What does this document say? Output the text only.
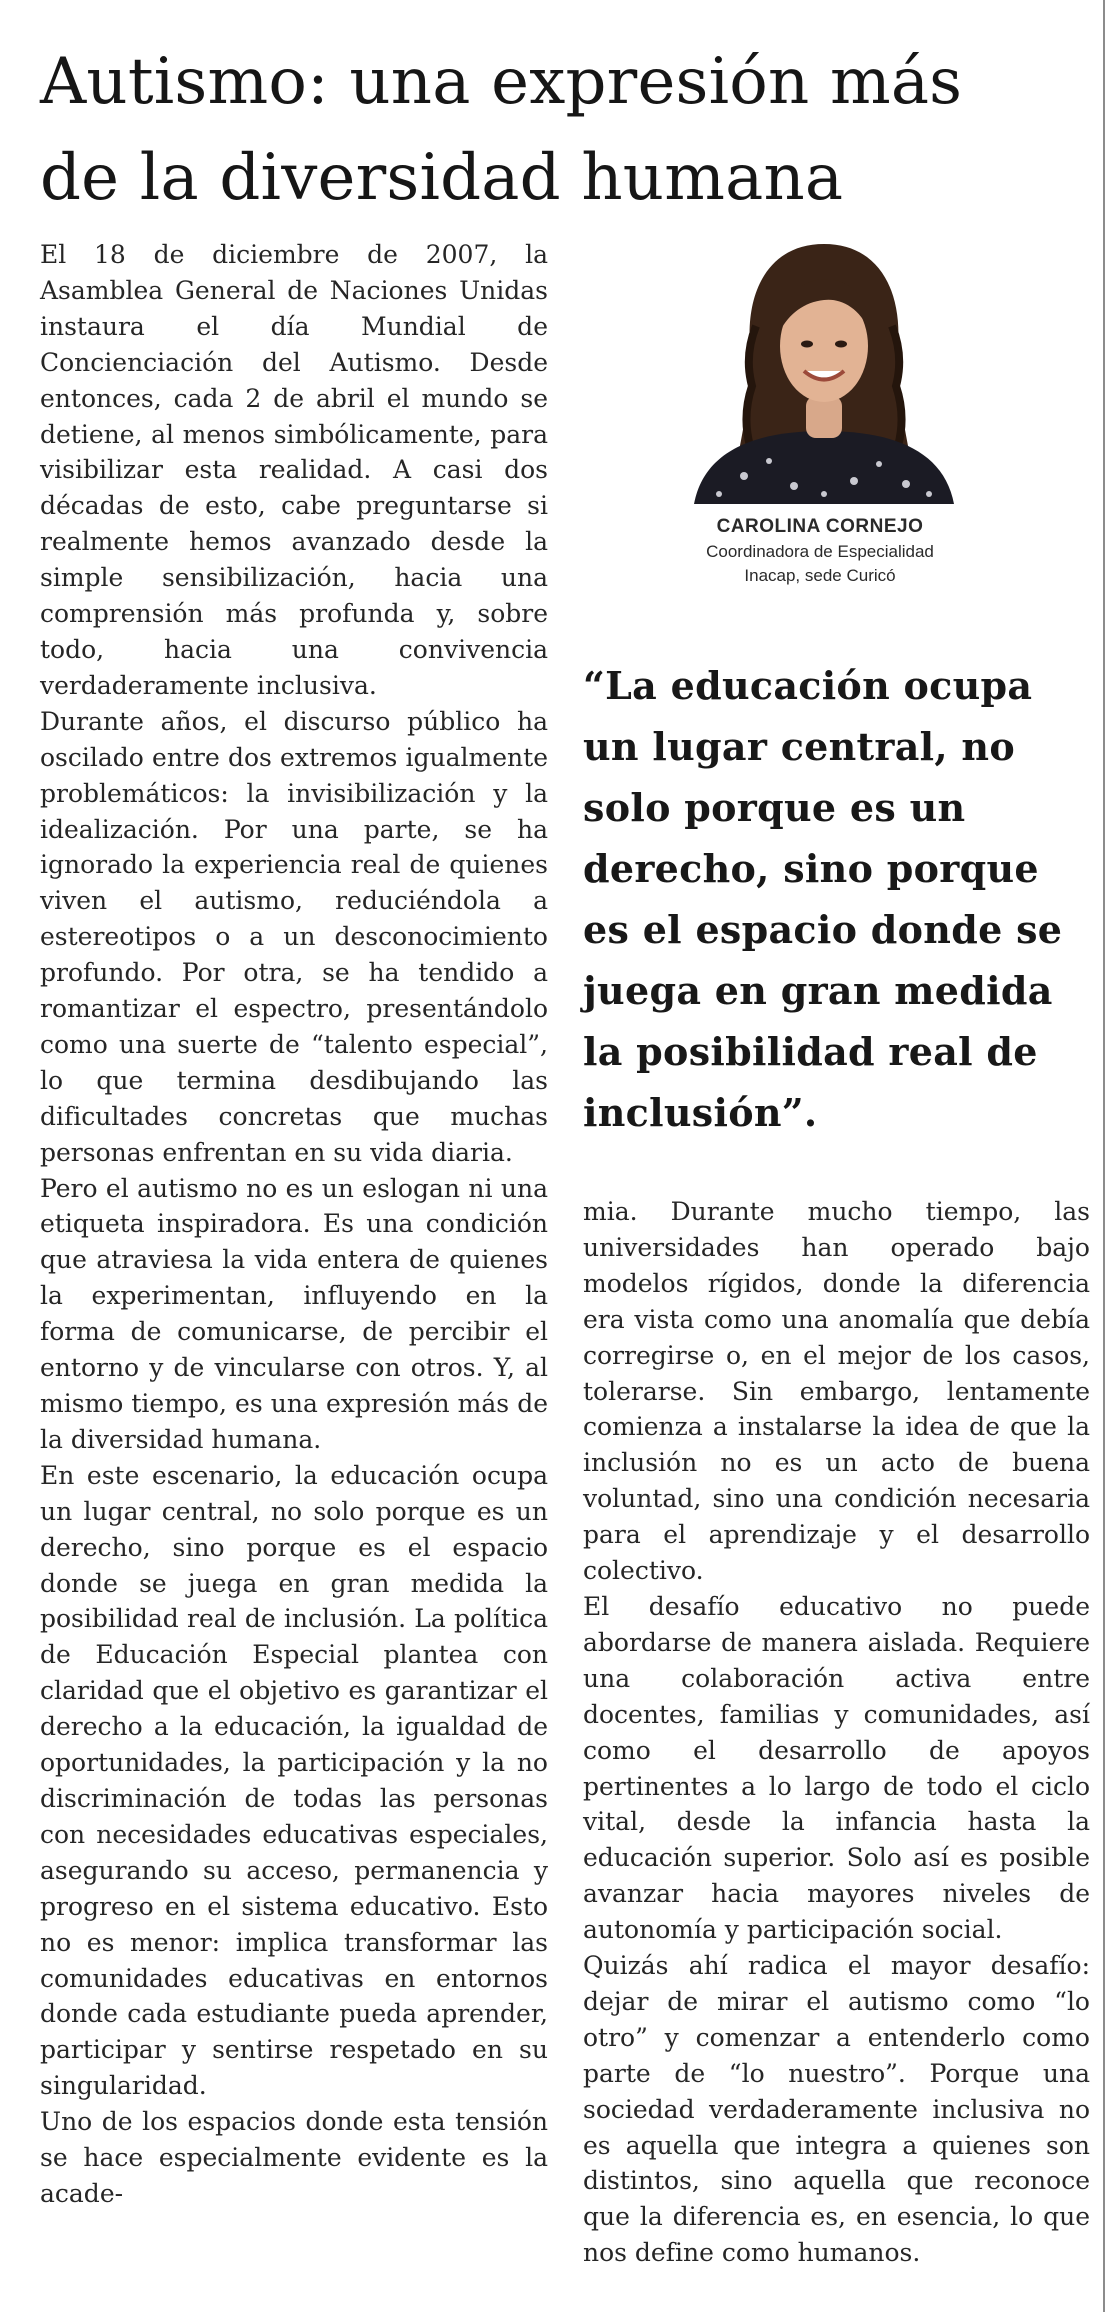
Autismo: una expresión más
de la diversidad humana

El 18 de diciembre de 2007, la Asamblea General de Naciones Unidas instaura el día Mundial de Concienciación del Autismo. Desde entonces, cada 2 de abril el mundo se detiene, al menos simbólicamente, para visibilizar esta realidad. A casi dos décadas de esto, cabe preguntarse si realmente hemos avanzado desde la simple sensibilización, hacia una comprensión más profunda y, sobre todo, hacia una convivencia verdaderamente inclusiva.

Durante años, el discurso público ha oscilado entre dos extremos igualmente problemáticos: la invisibilización y la idealización. Por una parte, se ha ignorado la experiencia real de quienes viven el autismo, reduciéndola a estereotipos o a un desconocimiento profundo. Por otra, se ha tendido a romantizar el espectro, presentándolo como una suerte de “talento especial”, lo que termina desdibujando las dificultades concretas que muchas personas enfrentan en su vida diaria.

Pero el autismo no es un eslogan ni una etiqueta inspiradora. Es una condición que atraviesa la vida entera de quienes la experimentan, influyendo en la forma de comunicarse, de percibir el entorno y de vincularse con otros. Y, al mismo tiempo, es una expresión más de la diversidad humana.

En este escenario, la educación ocupa un lugar central, no solo porque es un derecho, sino porque es el espacio donde se juega en gran medida la posibilidad real de inclusión. La política de Educación Especial plantea con claridad que el objetivo es garantizar el derecho a la educación, la igualdad de oportunidades, la participación y la no discriminación de todas las personas con necesidades educativas especiales, asegurando su acceso, permanencia y progreso en el sistema educativo. Esto no es menor: implica transformar las comunidades educativas en entornos donde cada estudiante pueda aprender, participar y sentirse respetado en su singularidad.

Uno de los espacios donde esta tensión se hace especialmente evidente es la acade-

CAROLINA CORNEJO
Coordinadora de Especialidad
Inacap, sede Curicó
“La educación ocupa
un lugar central, no
solo porque es un
derecho, sino porque
es el espacio donde se
juega en gran medida
la posibilidad real de
inclusión”.

mia. Durante mucho tiempo, las universidades han operado bajo modelos rígidos, donde la diferencia era vista como una anomalía que debía corregirse o, en el mejor de los casos, tolerarse. Sin embargo, lentamente comienza a instalarse la idea de que la inclusión no es un acto de buena voluntad, sino una condición necesaria para el aprendizaje y el desarrollo colectivo.

El desafío educativo no puede abordarse de manera aislada. Requiere una colaboración activa entre docentes, familias y comunidades, así como el desarrollo de apoyos pertinentes a lo largo de todo el ciclo vital, desde la infancia hasta la educación superior. Solo así es posible avanzar hacia mayores niveles de autonomía y participación social.

Quizás ahí radica el mayor desafío: dejar de mirar el autismo como “lo otro” y comenzar a entenderlo como parte de “lo nuestro”. Porque una sociedad verdaderamente inclusiva no es aquella que integra a quienes son distintos, sino aquella que reconoce que la diferencia es, en esencia, lo que nos define como humanos.
